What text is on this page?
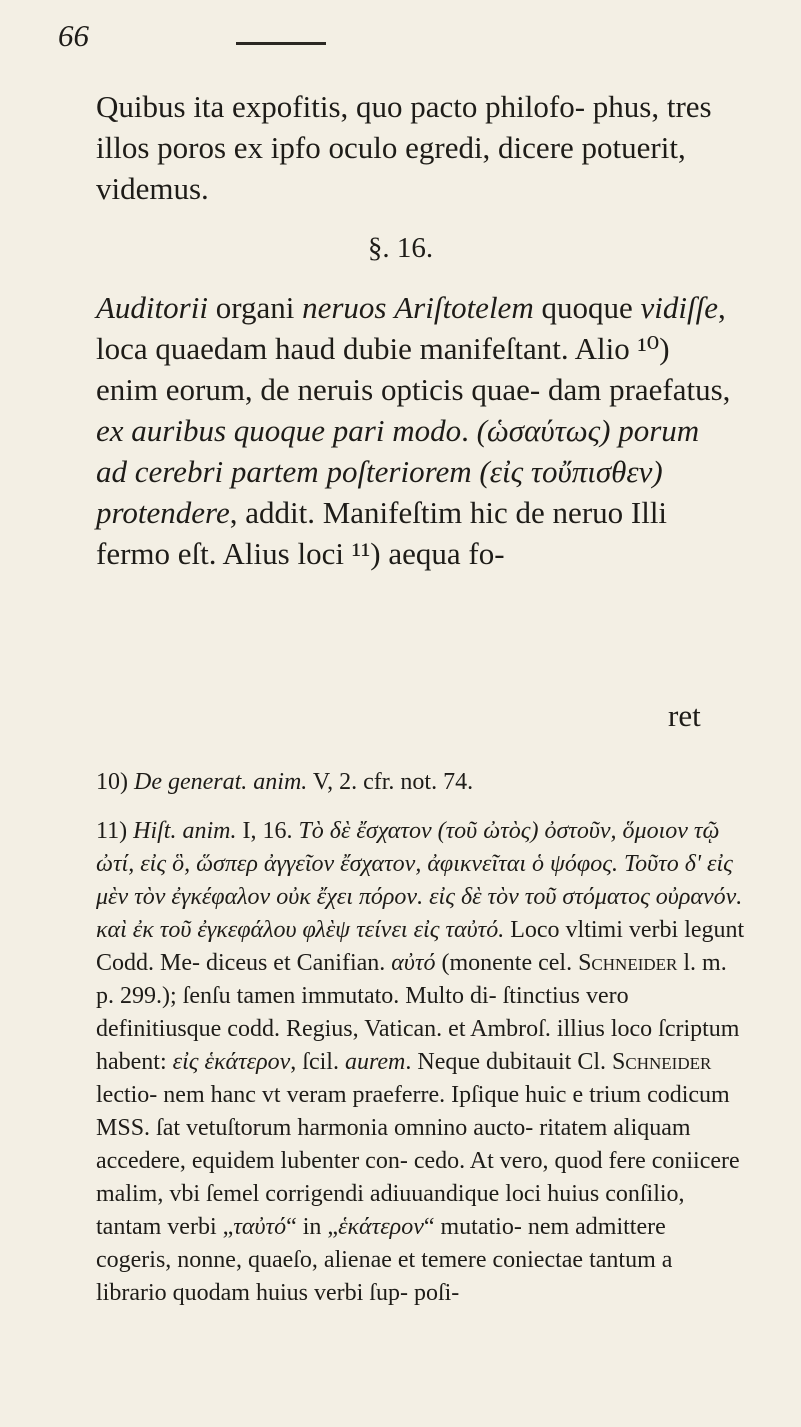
66

Quibus ita expofitis, quo pacto philofo- phus, tres illos poros ex ipfo oculo egredi, dicere potuerit, videmus.

§. 16.

Auditorii organi neruos Ariſtotelem quoque vidiſſe, loca quaedam haud dubie manifeſtant. Alio ¹⁰) enim eorum, de neruis opticis quae- dam praefatus, ex auribus quoque pari modo. (ὡσαύτως) porum ad cerebri partem poſteriorem (εἰς τοὔπισθεν) protendere, addit. Manifeſtim hic de neruo Illi fermo eſt. Alius loci ¹¹) aequa fo-

ret

10) De generat. anim. V, 2. cfr. not. 74.

11) Hiſt. anim. I, 16. Τὸ δὲ ἔσχατον (τοῦ ὠτὸς) ὀστοῦν, ὅμοιον τῷ ὠτί, εἰς ὃ, ὥσπερ ἀγγεῖον ἔσχατον, ἀφικνεῖται ὁ ψόφος. Τοῦτο δ' εἰς μὲν τὸν ἐγκέφαλον οὐκ ἔχει πόρον. εἰς δὲ τὸν τοῦ στόματος οὐρανόν. καὶ ἐκ τοῦ ἐγκεφάλου φλὲψ τείνει εἰς ταὐτό. Loco vltimi verbi legunt Codd. Me- diceus et Canifian. αὐτό (monente cel. Schneider l. m. p. 299.); ſenſu tamen immutato. Multo di- ſtinctius vero definitiusque codd. Regius, Vatican. et Ambroſ. illius loco ſcriptum habent: εἰς ἑκάτερον, ſcil. aurem. Neque dubitauit Cl. Schneider lectio- nem hanc vt veram praeferre. Ipſique huic e trium codicum MSS. ſat vetuſtorum harmonia omnino aucto- ritatem aliquam accedere, equidem lubenter con- cedo. At vero, quod fere coniicere malim, vbi ſemel corrigendi adiuuandique loci huius conſilio, tantam verbi „ταὐτό“ in „ἑκάτερον“ mutatio- nem admittere cogeris, nonne, quaeſo, alienae et temere coniectae tantum a librario quodam huius verbi ſup- poſi-
